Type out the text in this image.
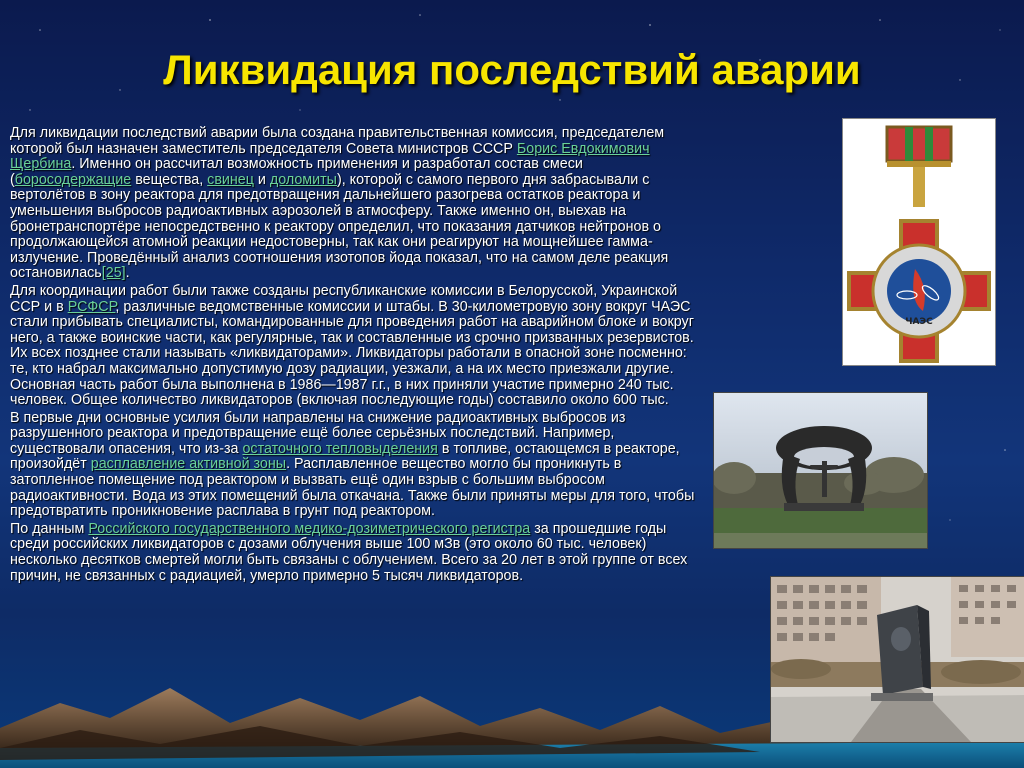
Ликвидация последствий аварии

Для ликвидации последствий аварии была создана правительственная комиссия, председателем которой был назначен заместитель председателя Совета министров СССР Борис Евдокимович Щербина. Именно он рассчитал возможность применения и разработал состав смеси (боросодержащие вещества, свинец и доломиты), которой с самого первого дня забрасывали с вертолётов в зону реактора для предотвращения дальнейшего разогрева остатков реактора и уменьшения выбросов радиоактивных аэрозолей в атмосферу. Также именно он, выехав на бронетранспортёре непосредственно к реактору определил, что показания датчиков нейтронов о продолжающейся атомной реакции недостоверны, так как они реагируют на мощнейшее гамма-излучение. Проведённый анализ соотношения изотопов йода показал, что на самом деле реакция остановилась[25].

Для координации работ были также созданы республиканские комиссии в Белорусской, Украинской ССР и в РСФСР, различные ведомственные комиссии и штабы. В 30-километровую зону вокруг ЧАЭС стали прибывать специалисты, командированные для проведения работ на аварийном блоке и вокруг него, а также воинские части, как регулярные, так и составленные из срочно призванных резервистов. Их всех позднее стали называть «ликвидаторами». Ликвидаторы работали в опасной зоне посменно: те, кто набрал максимально допустимую дозу радиации, уезжали, а на их место приезжали другие. Основная часть работ была выполнена в 1986—1987 г.г., в них приняли участие примерно 240 тыс. человек. Общее количество ликвидаторов (включая последующие годы) составило около 600 тыс.

В первые дни основные усилия были направлены на снижение радиоактивных выбросов из разрушенного реактора и предотвращение ещё более серьёзных последствий. Например, существовали опасения, что из-за остаточного тепловыделения в топливе, остающемся в реакторе, произойдёт расплавление активной зоны. Расплавленное вещество могло бы проникнуть в затопленное помещение под реактором и вызвать ещё один взрыв с большим выбросом радиоактивности. Вода из этих помещений была откачана. Также были приняты меры для того, чтобы предотвратить проникновение расплава в грунт под реактором.

По данным Российского государственного медико-дозиметрического регистра за прошедшие годы среди российских ликвидаторов с дозами облучения выше 100 мЗв (это около 60 тыс. человек) несколько десятков смертей могли быть связаны с облучением. Всего за 20 лет в этой группе от всех причин, не связанных с радиацией, умерло примерно 5 тысяч ликвидаторов.

ЧАЭС
